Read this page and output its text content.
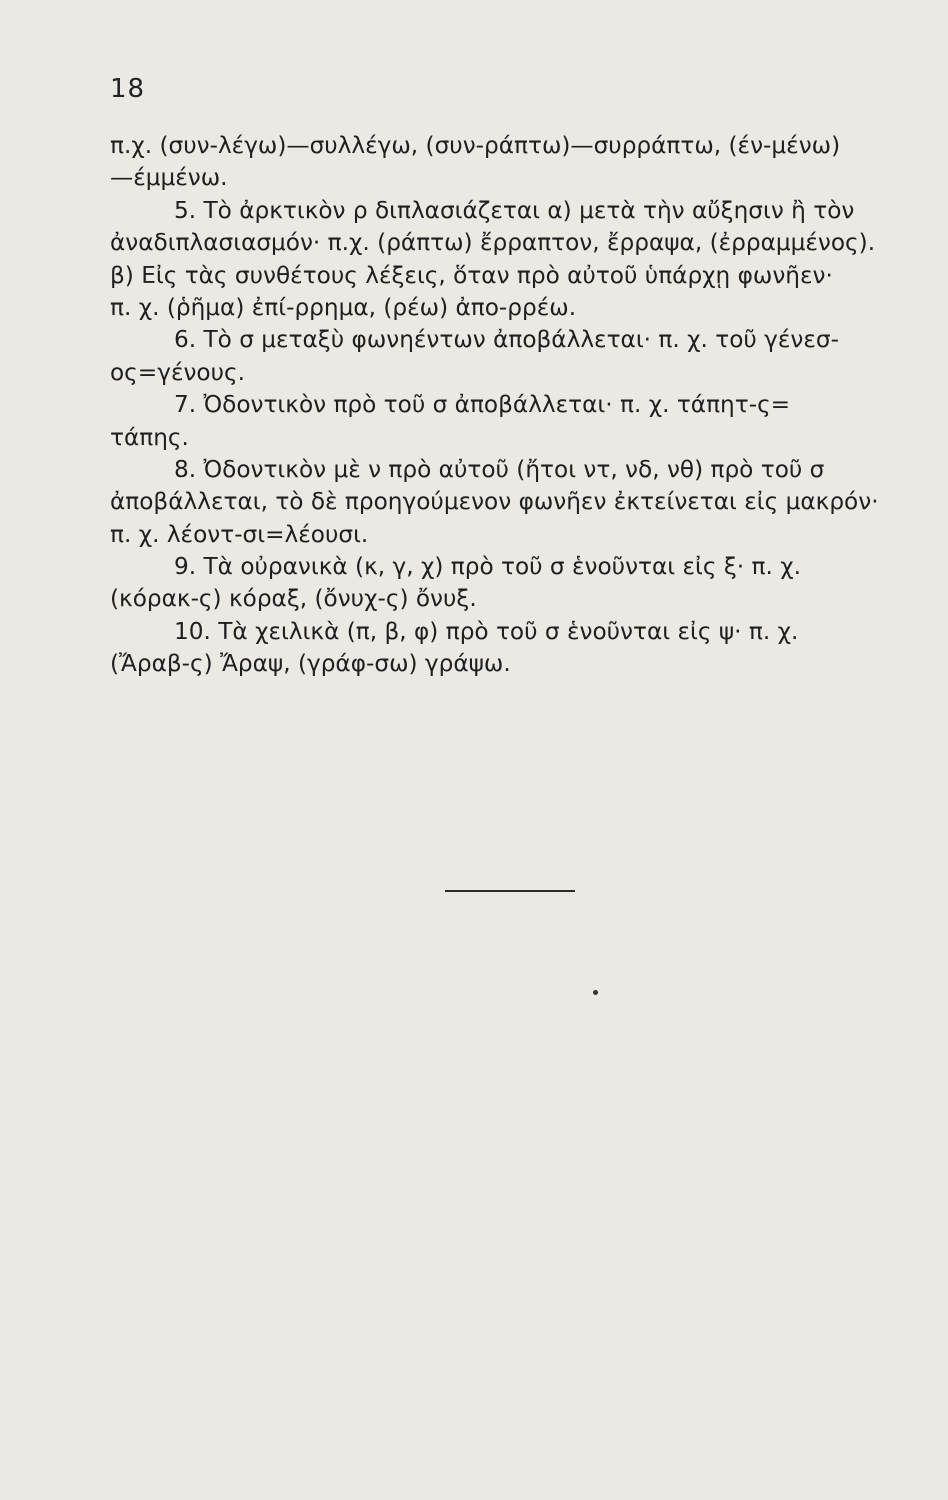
18
π.χ. (συν-λέγω)—συλλέγω, (συν-ράπτω)—συρράπτω, (έν-μένω)
—έμμένω.
5. Τὸ ἀρκτικὸν ρ διπλασιάζεται α) μετὰ τὴν αὔξησιν ἢ τὸν
ἀναδιπλασιασμόν· π.χ. (ράπτω) ἔρραπτον, ἔρραψα, (ἐρραμμένος).
β) Εἰς τὰς συνθέτους λέξεις, ὅταν πρὸ αὐτοῦ ὑπάρχῃ φωνῆεν·
π. χ. (ῥῆμα) ἐπί-ρρημα, (ρέω) ἀπο-ρρέω.
6. Τὸ σ μεταξὺ φωνηέντων ἀποβάλλεται· π. χ. τοῦ γένεσ-
ος=γένους.
7. Ὀδοντικὸν πρὸ τοῦ σ ἀποβάλλεται· π. χ. τάπητ-ς=
τάπης.
8. Ὀδοντικὸν μὲ ν πρὸ αὐτοῦ (ἤτοι ντ, νδ, νθ) πρὸ τοῦ σ
ἀποβάλλεται, τὸ δὲ προηγούμενον φωνῆεν ἐκτείνεται εἰς μακρόν·
π. χ. λέοντ-σι=λέουσι.
9. Τὰ οὐρανικὰ (κ, γ, χ) πρὸ τοῦ σ ἑνοῦνται εἰς ξ· π. χ.
(κόρακ-ς) κόραξ, (ὄνυχ-ς) ὄνυξ.
10. Τὰ χειλικὰ (π, β, φ) πρὸ τοῦ σ ἑνοῦνται εἰς ψ· π. χ.
(Ἄραβ-ς) Ἄραψ, (γράφ-σω) γράψω.
